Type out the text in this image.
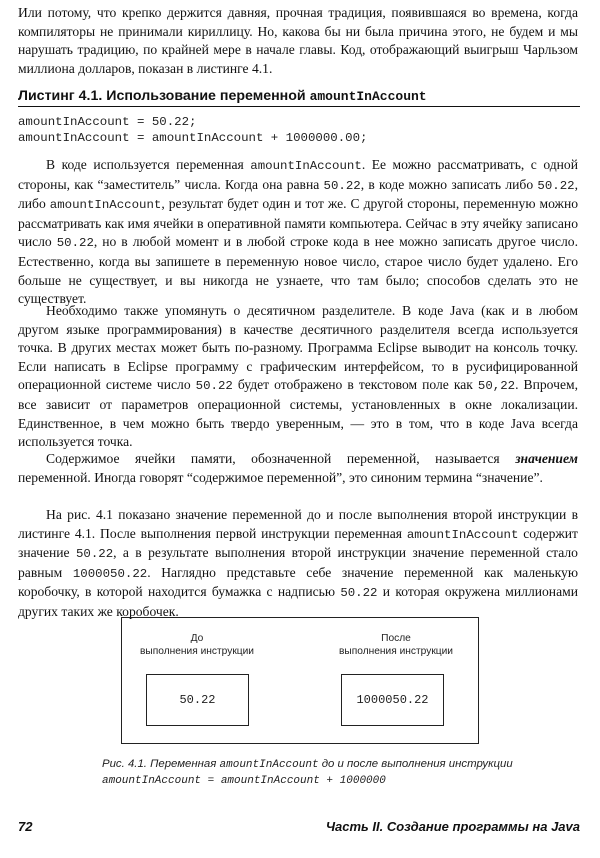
Или потому, что крепко держится давняя, прочная традиция, появившаяся во времена, когда компиляторы не принимали кириллицу. Но, какова бы ни была причина этого, не будем и мы нарушать традицию, по крайней мере в начале главы. Код, отображающий выигрыш Чарльзом миллиона долларов, показан в листинге 4.1.
Листинг 4.1. Использование переменной amountInAccount
amountInAccount = 50.22;
amountInAccount = amountInAccount + 1000000.00;
В коде используется переменная amountInAccount. Ее можно рассматривать, с одной стороны, как “заместитель” числа. Когда она равна 50.22, в коде можно записать либо 50.22, либо amountInAccount, результат будет один и тот же. С другой стороны, переменную можно рассматривать как имя ячейки в оперативной памяти компьютера. Сейчас в эту ячейку записано число 50.22, но в любой момент и в любой строке кода в нее можно записать другое число. Естественно, когда вы запишете в переменную новое число, старое число будет удалено. Его больше не существует, и вы никогда не узнаете, что там было; способов сделать это не существует.
Необходимо также упомянуть о десятичном разделителе. В коде Java (как и в любом другом языке программирования) в качестве десятичного разделителя всегда используется точка. В других местах может быть по-разному. Программа Eclipse выводит на консоль точку. Если написать в Eclipse программу с графическим интерфейсом, то в русифицированной операционной системе число 50.22 будет отображено в текстовом поле как 50,22. Впрочем, все зависит от параметров операционной системы, установленных в окне локализации. Единственное, в чем можно быть твердо уверенным, — это в том, что в коде Java всегда используется точка.
Содержимое ячейки памяти, обозначенной переменной, называется значением переменной. Иногда говорят “содержимое переменной”, это синоним термина “значение”.
На рис. 4.1 показано значение переменной до и после выполнения второй инструкции в листинге 4.1. После выполнения первой инструкции переменная amountInAccount содержит значение 50.22, а в результате выполнения второй инструкции значение переменной стало равным 1000050.22. Наглядно представьте себе значение переменной как маленькую коробочку, в которой находится бумажка с надписью 50.22 и которая окружена миллионами других таких же коробочек.
До
выполнения инструкции
50.22
После
выполнения инструкции
1000050.22
Рис. 4.1. Переменная amountInAccount до и после выполнения инструкции amountInAccount = amountInAccount + 1000000
72	Часть II. Создание программы на Java
